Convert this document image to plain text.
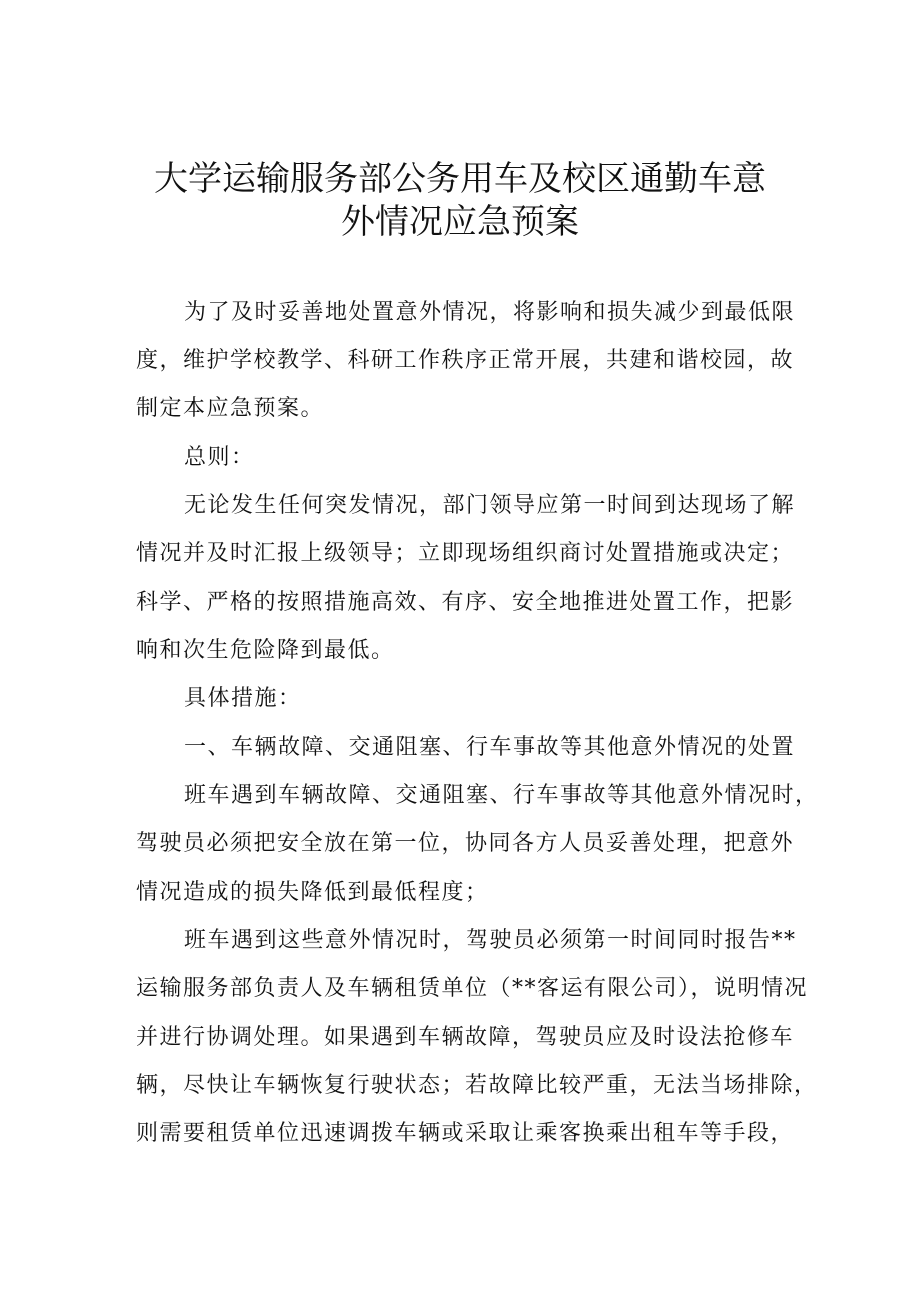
大学运输服务部公务用车及校区通勤车意
外情况应急预案

为了及时妥善地处置意外情况，将影响和损失减少到最低限

度，维护学校教学、科研工作秩序正常开展，共建和谐校园，故

制定本应急预案。

总则：

无论发生任何突发情况，部门领导应第一时间到达现场了解

情况并及时汇报上级领导；立即现场组织商讨处置措施或决定；

科学、严格的按照措施高效、有序、安全地推进处置工作，把影

响和次生危险降到最低。

具体措施：

一、车辆故障、交通阻塞、行车事故等其他意外情况的处置

班车遇到车辆故障、交通阻塞、行车事故等其他意外情况时，

驾驶员必须把安全放在第一位，协同各方人员妥善处理，把意外

情况造成的损失降低到最低程度；

班车遇到这些意外情况时，驾驶员必须第一时间同时报告**

运输服务部负责人及车辆租赁单位（**客运有限公司），说明情况

并进行协调处理。如果遇到车辆故障，驾驶员应及时设法抢修车

辆，尽快让车辆恢复行驶状态；若故障比较严重，无法当场排除，

则需要租赁单位迅速调拨车辆或采取让乘客换乘出租车等手段，
